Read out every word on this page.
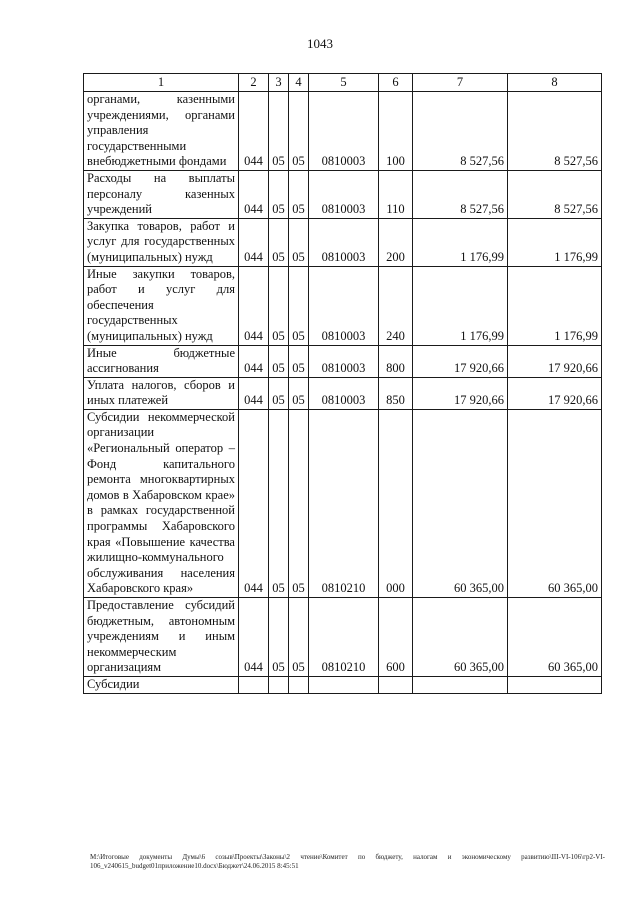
1043
1	2	3	4	5	6	7	8
органами, казенными учреждениями, органами управления государственными внебюджетными фондами	044	05	05	0810003	100	8 527,56	8 527,56
Расходы на выплаты персоналу казенных учреждений	044	05	05	0810003	110	8 527,56	8 527,56
Закупка товаров, работ и услуг для государственных (муниципальных) нужд	044	05	05	0810003	200	1 176,99	1 176,99
Иные закупки товаров, работ и услуг для обеспечения государственных (муниципальных) нужд	044	05	05	0810003	240	1 176,99	1 176,99
Иные бюджетные ассигнования	044	05	05	0810003	800	17 920,66	17 920,66
Уплата налогов, сборов и иных платежей	044	05	05	0810003	850	17 920,66	17 920,66
Субсидии некоммерческой организации «Региональный оператор – Фонд капитального ремонта многоквартирных домов в Хабаровском крае» в рамках государственной программы Хабаровского края «Повышение качества жилищно-коммунального обслуживания населения Хабаровского края»	044	05	05	0810210	000	60 365,00	60 365,00
Предоставление субсидий бюджетным, автономным учреждениям и иным некоммерческим организациям	044	05	05	0810210	600	60 365,00	60 365,00
Субсидии							
M:\Итоговые документы Думы\6 созыв\Проекты\Законы\2 чтение\Комитет по бюджету, налогам и экономическому развитию\III-VI-106\гр2-VI-106_v240615_budget01приложение10.docx\Бюджет\24.06.2015 8:45:51
